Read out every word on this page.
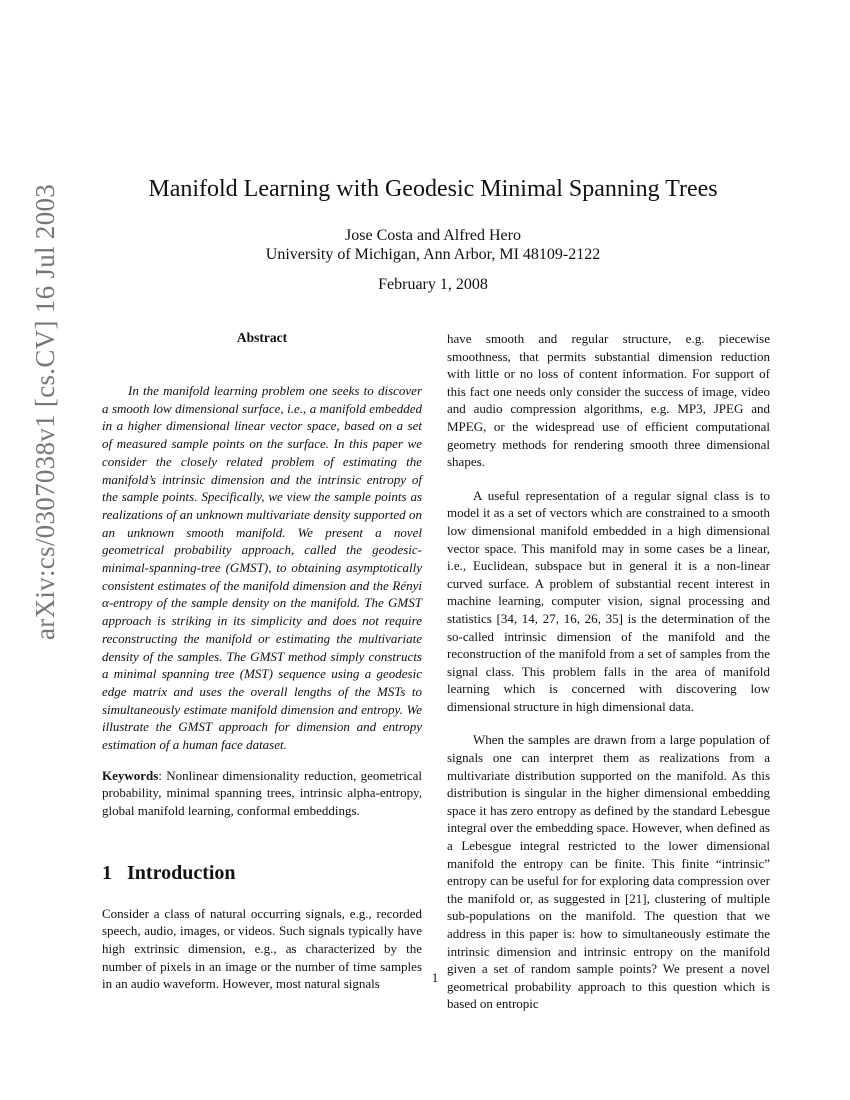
arXiv:cs/0307038v1 [cs.CV] 16 Jul 2003	Manifold Learning with Geodesic Minimal Spanning Trees
Jose Costa and Alfred Hero
University of Michigan, Ann Arbor, MI 48109-2122
February 1, 2008
Abstract

In the manifold learning problem one seeks to discover a smooth low dimensional surface, i.e., a manifold embedded in a higher dimensional linear vector space, based on a set of measured sample points on the surface. In this paper we consider the closely related problem of estimating the manifold’s intrinsic dimension and the intrinsic entropy of the sample points. Specifically, we view the sample points as realizations of an unknown multivariate density supported on an unknown smooth manifold. We present a novel geometrical probability approach, called the geodesic-minimal-spanning-tree (GMST), to obtaining asymptotically consistent estimates of the manifold dimension and the Rényi α-entropy of the sample density on the manifold. The GMST approach is striking in its simplicity and does not require reconstructing the manifold or estimating the multivariate density of the samples. The GMST method simply constructs a minimal spanning tree (MST) sequence using a geodesic edge matrix and uses the overall lengths of the MSTs to simultaneously estimate manifold dimension and entropy. We illustrate the GMST approach for dimension and entropy estimation of a human face dataset.

Keywords: Nonlinear dimensionality reduction, geometrical probability, minimal spanning trees, intrinsic alpha-entropy, global manifold learning, conformal embeddings.

1 Introduction

Consider a class of natural occurring signals, e.g., recorded speech, audio, images, or videos. Such signals typically have high extrinsic dimension, e.g., as characterized by the number of pixels in an image or the number of time samples in an audio waveform. However, most natural signals

have smooth and regular structure, e.g. piecewise smoothness, that permits substantial dimension reduction with little or no loss of content information. For support of this fact one needs only consider the success of image, video and audio compression algorithms, e.g. MP3, JPEG and MPEG, or the widespread use of efficient computational geometry methods for rendering smooth three dimensional shapes.

A useful representation of a regular signal class is to model it as a set of vectors which are constrained to a smooth low dimensional manifold embedded in a high dimensional vector space. This manifold may in some cases be a linear, i.e., Euclidean, subspace but in general it is a non-linear curved surface. A problem of substantial recent interest in machine learning, computer vision, signal processing and statistics [34, 14, 27, 16, 26, 35] is the determination of the so-called intrinsic dimension of the manifold and the reconstruction of the manifold from a set of samples from the signal class. This problem falls in the area of manifold learning which is concerned with discovering low dimensional structure in high dimensional data.

When the samples are drawn from a large population of signals one can interpret them as realizations from a multivariate distribution supported on the manifold. As this distribution is singular in the higher dimensional embedding space it has zero entropy as defined by the standard Lebesgue integral over the embedding space. However, when defined as a Lebesgue integral restricted to the lower dimensional manifold the entropy can be finite. This finite “intrinsic” entropy can be useful for for exploring data compression over the manifold or, as suggested in [21], clustering of multiple sub-populations on the manifold. The question that we address in this paper is: how to simultaneously estimate the intrinsic dimension and intrinsic entropy on the manifold given a set of random sample points? We present a novel geometrical probability approach to this question which is based on entropic

1
